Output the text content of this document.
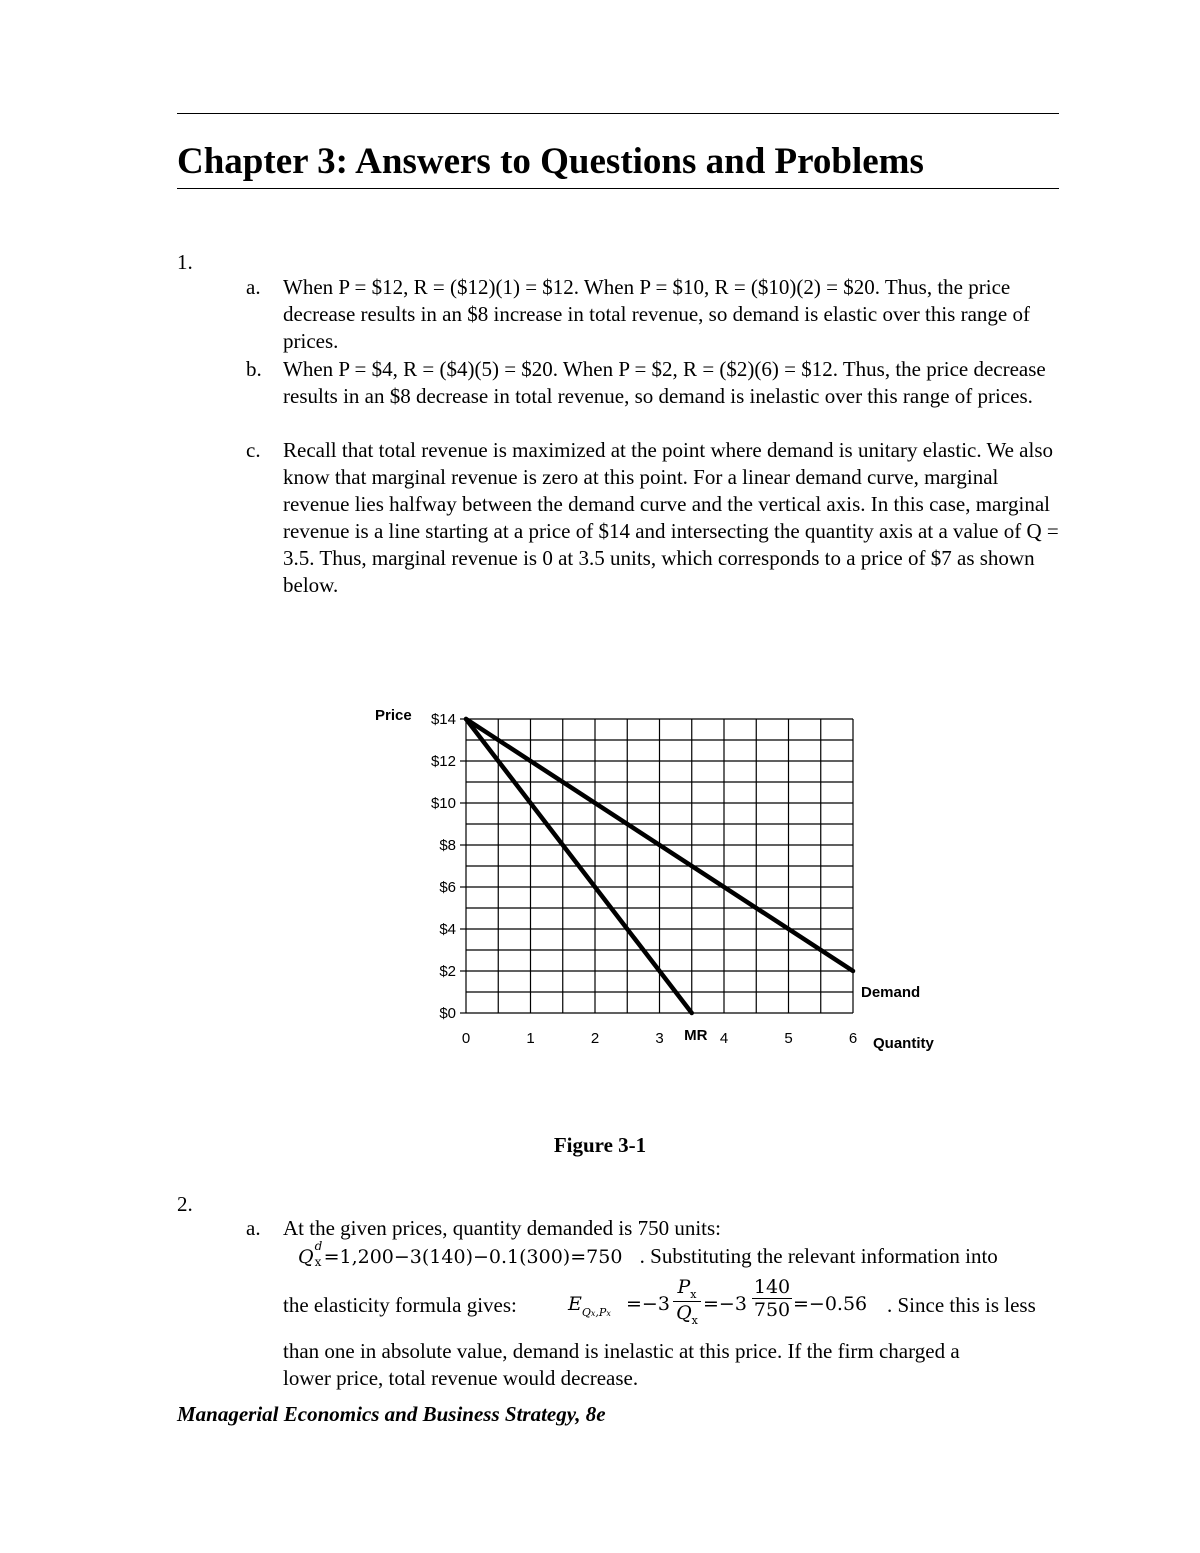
Chapter 3: Answers to Questions and Problems
1.
a. When P = $12, R = ($12)(1) = $12. When P = $10, R = ($10)(2) = $20. Thus, the price decrease results in an $8 increase in total revenue, so demand is elastic over this range of prices.
b. When P = $4, R = ($4)(5) = $20. When P = $2, R = ($2)(6) = $12. Thus, the price decrease results in an $8 decrease in total revenue, so demand is inelastic over this range of prices.
c. Recall that total revenue is maximized at the point where demand is unitary elastic. We also know that marginal revenue is zero at this point. For a linear demand curve, marginal revenue lies halfway between the demand curve and the vertical axis. In this case, marginal revenue is a line starting at a price of $14 and intersecting the quantity axis at a value of Q = 3.5. Thus, marginal revenue is 0 at 3.5 units, which corresponds to a price of $7 as shown below.
$0
$2
$4
$6
$8
$10
$12
$14
0	1	2	3	4	5	6
Price
Quantity
Demand
MR
Figure 3-1
2.
a. At the given prices, quantity demanded is 750 units:
Q d
x =1,200−3(140)−0.1(300)=750 . Substituting the relevant information into
the elasticity formula gives:	$E_{Qx,Px} =-3$
$P_x$
$Q_x$
=−3
140
750 =−0.56 . Since this is less
than one in absolute value, demand is inelastic at this price. If the firm charged a
lower price, total revenue would decrease.
Managerial Economics and Business Strategy, 8e
